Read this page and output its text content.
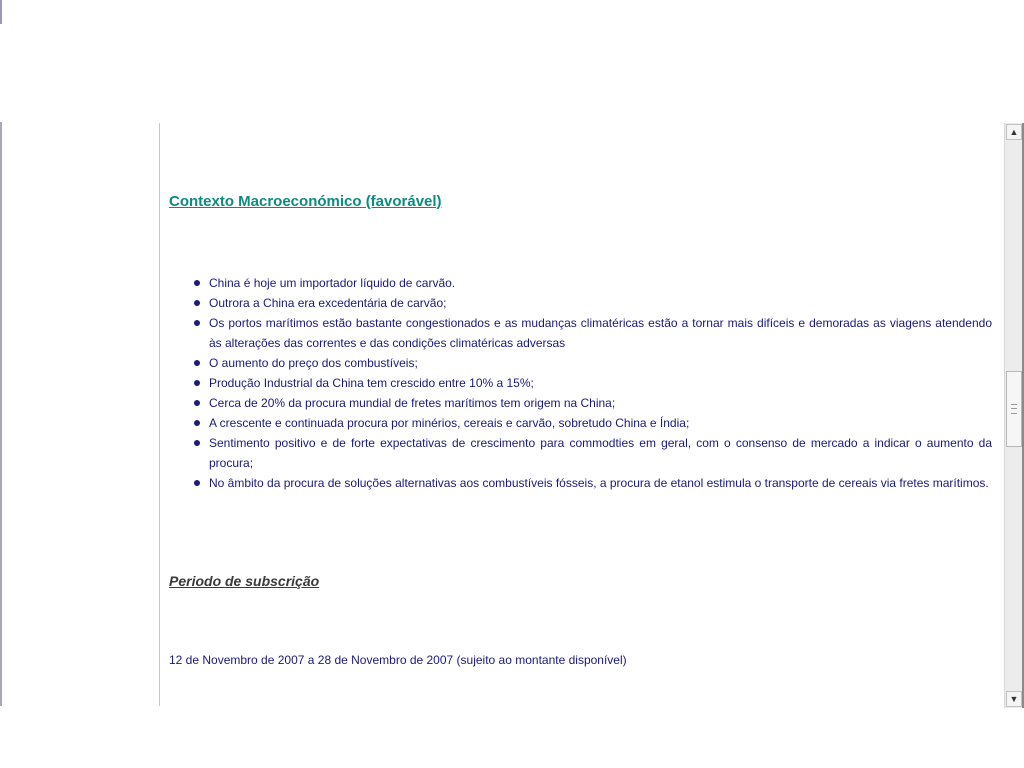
Contexto Macroeconómico (favorável)
China é hoje um importador líquido de carvão.
Outrora a China era excedentária de carvão;
Os portos marítimos estão bastante congestionados e as mudanças climatéricas estão a tornar mais difíceis e demoradas as viagens atendendo às alterações das correntes e das condições climatéricas adversas
O aumento do preço dos combustíveis;
Produção Industrial da China tem crescido entre 10% a 15%;
Cerca de 20% da procura mundial de fretes marítimos tem origem na China;
A crescente e continuada procura por minérios, cereais e carvão, sobretudo China e Índia;
Sentimento positivo e de forte expectativas de crescimento para commodties em geral, com o consenso de mercado a indicar o aumento da procura;
No âmbito da procura de soluções alternativas aos combustíveis fósseis, a procura de etanol estimula o transporte de cereais via fretes marítimos.
Periodo de subscrição
12 de Novembro de 2007 a 28 de Novembro de 2007 (sujeito ao montante disponível)
▲
▼
